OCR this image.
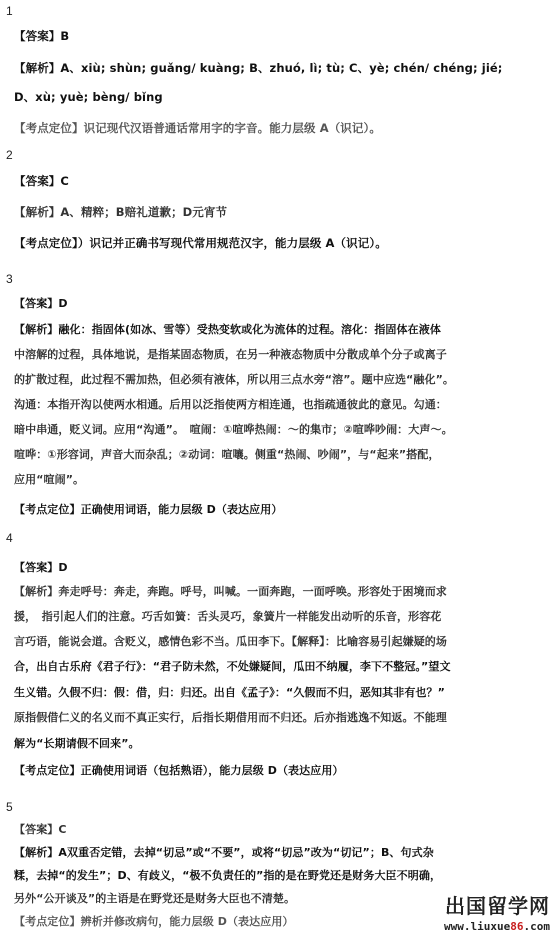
1
【答案】B
【解析】A、xiù; shùn; guǎng/ kuàng; B、zhuó, lì; tù; C、yè; chén/ chéng; jié;
D、xù; yuè; bèng/ bǐng
【考点定位】识记现代汉语普通话常用字的字音。能力层级 A（识记）。
2
【答案】C
【解析】A、精粹；B赔礼道歉；D元宵节
【考点定位】）识记并正确书写现代常用规范汉字，能力层级 A（识记）。
3
【答案】D
【解析】融化：指固体(如冰、雪等）受热变软或化为流体的过程。溶化：指固体在液体
中溶解的过程，具体地说，是指某固态物质，在另一种液态物质中分散成单个分子或离子
的扩散过程，此过程不需加热，但必须有液体，所以用三点水旁“溶”。题中应选“融化”。
沟通：本指开沟以使两水相通。后用以泛指使两方相连通，也指疏通彼此的意见。勾通：
暗中串通，贬义词。应用“沟通”。　喧闹：①喧哗热闹：～的集市；②喧哗吵闹：大声～。
喧哗：①形容词，声音大而杂乱；②动词：喧嚷。侧重“热闹、吵闹”，与“起来”搭配，
应用“喧闹”。
【考点定位】正确使用词语，能力层级 D（表达应用）
4
【答案】D
【解析】奔走呼号：奔走，奔跑。呼号，叫喊。一面奔跑，一面呼唤。形容处于困境而求
援，　指引起人们的注意。巧舌如簧：舌头灵巧，象簧片一样能发出动听的乐音，形容花
言巧语，能说会道。含贬义，感情色彩不当。瓜田李下。【解释】：比喻容易引起嫌疑的场
合，出自古乐府《君子行》：“君子防未然，不处嫌疑间，瓜田不纳履，李下不整冠。”望文
生义错。久假不归：假：借，归：归还。出自《孟子》：“久假而不归，恶知其非有也？”
原指假借仁义的名义而不真正实行，后指长期借用而不归还。后亦指逃逸不知返。不能理
解为“长期请假不回来”。
【考点定位】正确使用词语（包括熟语），能力层级 D（表达应用）
5
【答案】C
【解析】A双重否定错，去掉“切忌”或“不要”，或将“切忌”改为“切记”；B、句式杂
糅，去掉“的发生”；D、有歧义，“极不负责任的”指的是在野党还是财务大臣不明确，
另外“公开谈及”的主语是在野党还是财务大臣也不清楚。
【考点定位】辨析并修改病句，能力层级 D（表达应用）
出国留学网
www.liuxue86.com
